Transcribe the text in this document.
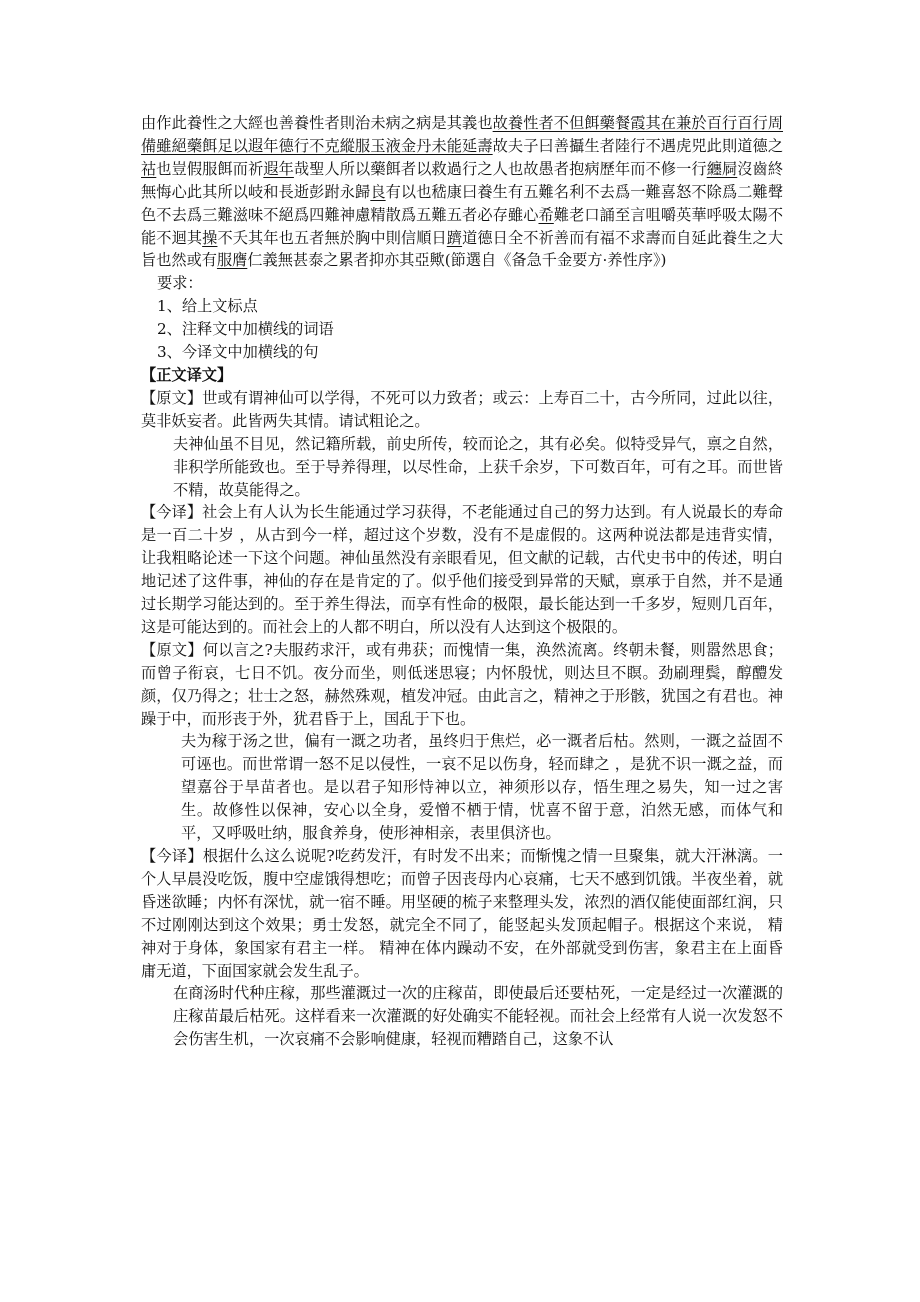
由作此養性之大經也善養性者則治未病之病是其義也故養性者不但餌藥餐霞其在兼於百行百行周備雖絕藥餌足以遐年德行不克縱服玉液金丹未能延壽故夫子曰善攝生者陸行不遇虎兕此則道德之祜也豈假服餌而祈遐年哉聖人所以藥餌者以救過行之人也故愚者抱病歷年而不修一行纏屙沒齒終無悔心此其所以岐和長逝彭跗永歸良有以也嵇康曰養生有五難名利不去爲一難喜怒不除爲二難聲色不去爲三難滋味不絕爲四難神慮精散爲五難五者必存雖心希難老口誦至言咀嚼英華呼吸太陽不能不迴其操不夭其年也五者無於胸中則信順日躋道德日全不祈善而有福不求壽而自延此養生之大旨也然或有服膺仁義無甚泰之累者抑亦其亞歟(節選自《备急千金要方·养性序》)

要求：

1、给上文标点

2、注释文中加横线的词语

3、今译文中加横线的句

【正文译文】

【原文】世或有谓神仙可以学得，不死可以力致者；或云：上寿百二十，古今所同，过此以往，莫非妖妄者。此皆两失其情。请试粗论之。

夫神仙虽不目见，然记籍所载，前史所传，较而论之，其有必矣。似特受异气，禀之自然，非积学所能致也。至于导养得理，以尽性命，上获千余岁，下可数百年，可有之耳。而世皆不精，故莫能得之。

【今译】社会上有人认为长生能通过学习获得，不老能通过自己的努力达到。有人说最长的寿命是一百二十岁 ，从古到今一样，超过这个岁数，没有不是虚假的。这两种说法都是违背实情，让我粗略论述一下这个问题。神仙虽然没有亲眼看见，但文献的记载，古代史书中的传述，明白地记述了这件事，神仙的存在是肯定的了。似乎他们接受到异常的天赋，禀承于自然，并不是通过长期学习能达到的。至于养生得法，而享有性命的极限，最长能达到一千多岁，短则几百年，这是可能达到的。而社会上的人都不明白，所以没有人达到这个极限的。

【原文】何以言之?夫服药求汗，或有弗获；而愧情一集，涣然流离。终朝未餐，则嚣然思食；而曾子衔哀，七日不饥。夜分而坐，则低迷思寝；内怀殷忧，则达旦不瞑。劲刷理鬓，醇醴发颜，仅乃得之；壮士之怒，赫然殊观，植发冲冠。由此言之，精神之于形骸，犹国之有君也。神躁于中，而形丧于外，犹君昏于上，国乱于下也。

夫为稼于汤之世，偏有一溉之功者，虽终归于焦烂，必一溉者后枯。然则，一溉之益固不可诬也。而世常谓一怒不足以侵性，一哀不足以伤身，轻而肆之 ，是犹不识一溉之益，而望嘉谷于旱苗者也。是以君子知形恃神以立，神须形以存，悟生理之易失，知一过之害生。故修性以保神，安心以全身，爱憎不栖于情，忧喜不留于意，泊然无感，而体气和平，又呼吸吐纳，服食养身，使形神相亲，表里俱济也。

【今译】根据什么这么说呢?吃药发汗，有时发不出来；而惭愧之情一旦聚集，就大汗淋漓。一个人早晨没吃饭，腹中空虚饿得想吃；而曾子因丧母内心哀痛，七天不感到饥饿。半夜坐着，就昏迷欲睡；内怀有深忧，就一宿不睡。用坚硬的梳子来整理头发，浓烈的酒仅能使面部红润，只不过刚刚达到这个效果；勇士发怒，就完全不同了，能竖起头发顶起帽子。根据这个来说， 精神对于身体，象国家有君主一样。 精神在体内躁动不安，在外部就受到伤害，象君主在上面昏庸无道，下面国家就会发生乱子。

在商汤时代种庄稼，那些灌溉过一次的庄稼苗，即使最后还要枯死，一定是经过一次灌溉的庄稼苗最后枯死。这样看来一次灌溉的好处确实不能轻视。而社会上经常有人说一次发怒不会伤害生机，一次哀痛不会影响健康，轻视而糟踏自己，这象不认
